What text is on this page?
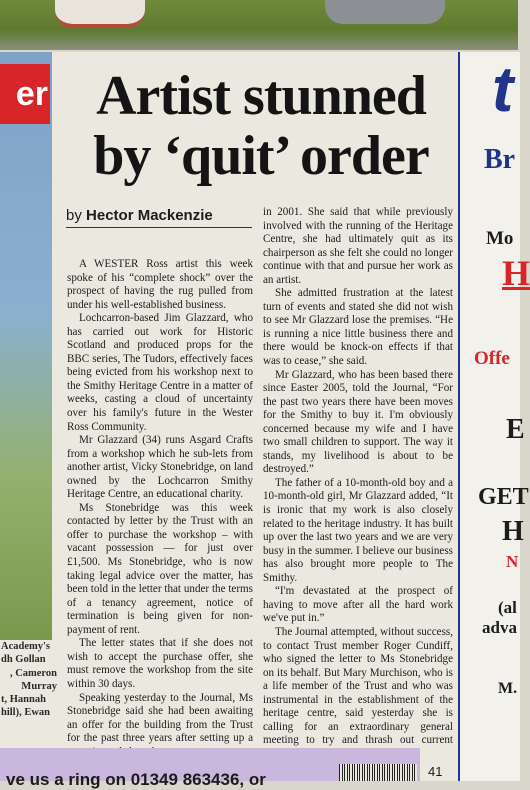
er
Academy's
dh Gollan
, Cameron
Murray
t, Hannah
hill), Ewan
Artist stunned by ‘quit’ order
by Hector Mackenzie

A WESTER Ross artist this week spoke of his “complete shock” over the prospect of having the rug pulled from under his well-established business.

Lochcarron-based Jim Glazzard, who has carried out work for Historic Scotland and produced props for the BBC series, The Tudors, effectively faces being evicted from his workshop next to the Smithy Heritage Centre in a matter of weeks, casting a cloud of uncertainty over his family's future in the Wester Ross Community.

Mr Glazzard (34) runs Asgard Crafts from a workshop which he sub-lets from another artist, Vicky Stonebridge, on land owned by the Lochcarron Smithy Heritage Centre, an educational charity.

Ms Stonebridge was this week contacted by letter by the Trust with an offer to purchase the workshop – with vacant possession — for just over £1,500. Ms Stonebridge, who is now taking legal advice over the matter, has been told in the letter that under the terms of a tenancy agreement, notice of termination is being given for non-payment of rent.

The letter states that if she does not wish to accept the purchase offer, she must remove the workshop from the site within 30 days.

Speaking yesterday to the Journal, Ms Stonebridge said she had been awaiting an offer for the building from the Trust for the past three years after setting up a

in 2001. She said that while previously involved with the running of the Heritage Centre, she had ultimately quit as its chairperson as she felt she could no longer continue with that and pursue her work as an artist.

She admitted frustration at the latest turn of events and stated she did not wish to see Mr Glazzard lose the premises. “He is running a nice little business there and there would be knock-on effects if that was to cease,” she said.

Mr Glazzard, who has been based there since Easter 2005, told the Journal, “For the past two years there have been moves for the Smithy to buy it. I'm obviously concerned because my wife and I have two small children to support. The way it stands, my livelihood is about to be destroyed.”

The father of a 10-month-old boy and a 10-month-old girl, Mr Glazzard added, “It is ironic that my work is also closely related to the heritage industry. It has built up over the last two years and we are very busy in the summer. I believe our business has also brought more people to The Smithy.

“I'm devastated at the prospect of having to move after all the hard work we've put in.”

The Journal attempted, without success, to contact Trust member Roger Cundiff, who signed the letter to Ms Stonebridge on its behalf. But Mary Murchison, who is a life member of the Trust and who was instrumental in the establishment of the heritage centre, said yesterday she is calling for an extraordinary general meeting to try and thrash out current

t
Br
Mo
H
Offe
E
GET
H
N
(al
adva
M.
ve us a ring on 01349 863436, or	41
